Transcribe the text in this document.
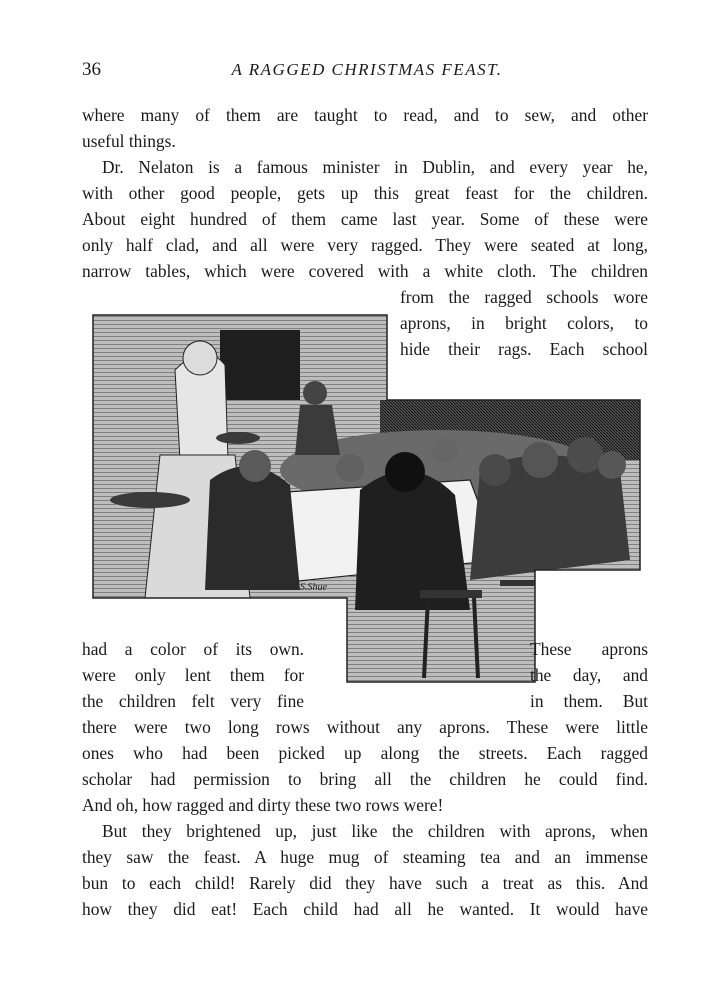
36	A RAGGED CHRISTMAS FEAST.
where many of them are taught to read, and to sew, and other
useful things.
Dr. Nelaton is a famous minister in Dublin, and every year he,
with other good people, gets up this great feast for the children.
About eight hundred of them came last year. Some of these were
only half clad, and all were very ragged. They were seated at long,
narrow tables, which were covered with a white cloth. The children
from the ragged schools wore
aprons, in bright colors, to
hide their rags. Each school
S.Shue
had a color of its own.	These aprons
were only lent them for	the day, and
the children felt very fine	in them. But
there were two long rows without any aprons. These were little
ones who had been picked up along the streets. Each ragged
scholar had permission to bring all the children he could find.
And oh, how ragged and dirty these two rows were!
But they brightened up, just like the children with aprons, when
they saw the feast. A huge mug of steaming tea and an immense
bun to each child! Rarely did they have such a treat as this. And
how they did eat! Each child had all he wanted. It would have
